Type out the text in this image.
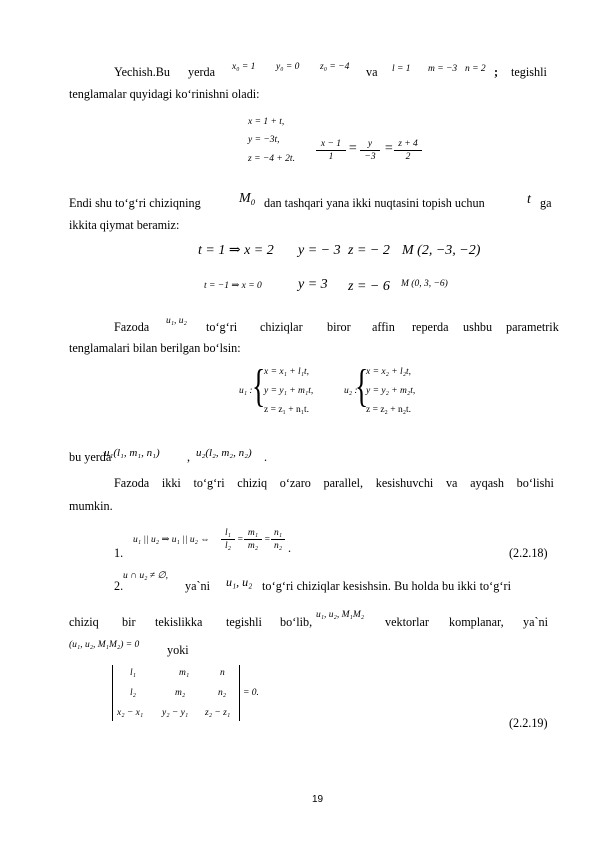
Yechish.Bu yerda x₀ = 1 y₀ = 0 z₀ = −4 va l = 1 m = −3 n = 2 ; tegishli
tenglamalar quyidagi ko‘rinishni oladi:
x = 1 + t,
y = −3t,
z = −4 + 2t.
x − 1
1
=	y
−3
= z + 4
2
Endi shu to‘g‘ri chiziqning	M₀ dan tashqari yana ikki nuqtasini topish uchun	t ga
ikkita qiymat beramiz:
t = 1 ⇒ x = 2 y = − 3 z = − 2 M (2, −3, −2)
t = −1 ⇒ x = 0	y = 3 z = − 6 M (0, 3, −6)
Fazoda u₁, u₂ to‘g‘ri chiziqlar biror affin reperda ushbu parametrik
tenglamalari bilan berilgan bo‘lsin:
u₁ : {
x = x₁ + l₁t,
y = y₁ + m₁t,
z = z₁ + n₁t.
u₂ :
{
x = x₂ + l₂t,
y = y₂ + m₂t,
z = z₂ + n₂t.
bu yerda
u₁(l₁, m₁, n₁) , u₂(l₂, m₂, n₂) .
Fazoda ikki to‘g‘ri chiziq o‘zaro parallel, kesishuvchi va ayqash bo‘lishi
mumkin.
1.
u₁ || u₂ ⇒ u₁ || u₂ ⇔
l₁
l₂
=
m₁
m₂
=
n₁
n₂ .	(2.2.18)
2.
u ∩ u₂ ≠ ∅,
ya`ni u₁, u₂ to‘g‘ri chiziqlar kesishsin. Bu holda bu ikki to‘g‘ri
chiziq bir tekislikka tegishli bo‘lib, u₁, u₂, M₁M₂ vektorlar komplanar, ya`ni
(u₁, u₂, M₁M₂) = 0 yoki
l₁	m₁	n
l₂	m₂	n₂
x₂ − x₁ y₂ − y₁ z₂ − z₁
= 0.
(2.2.19)
19
